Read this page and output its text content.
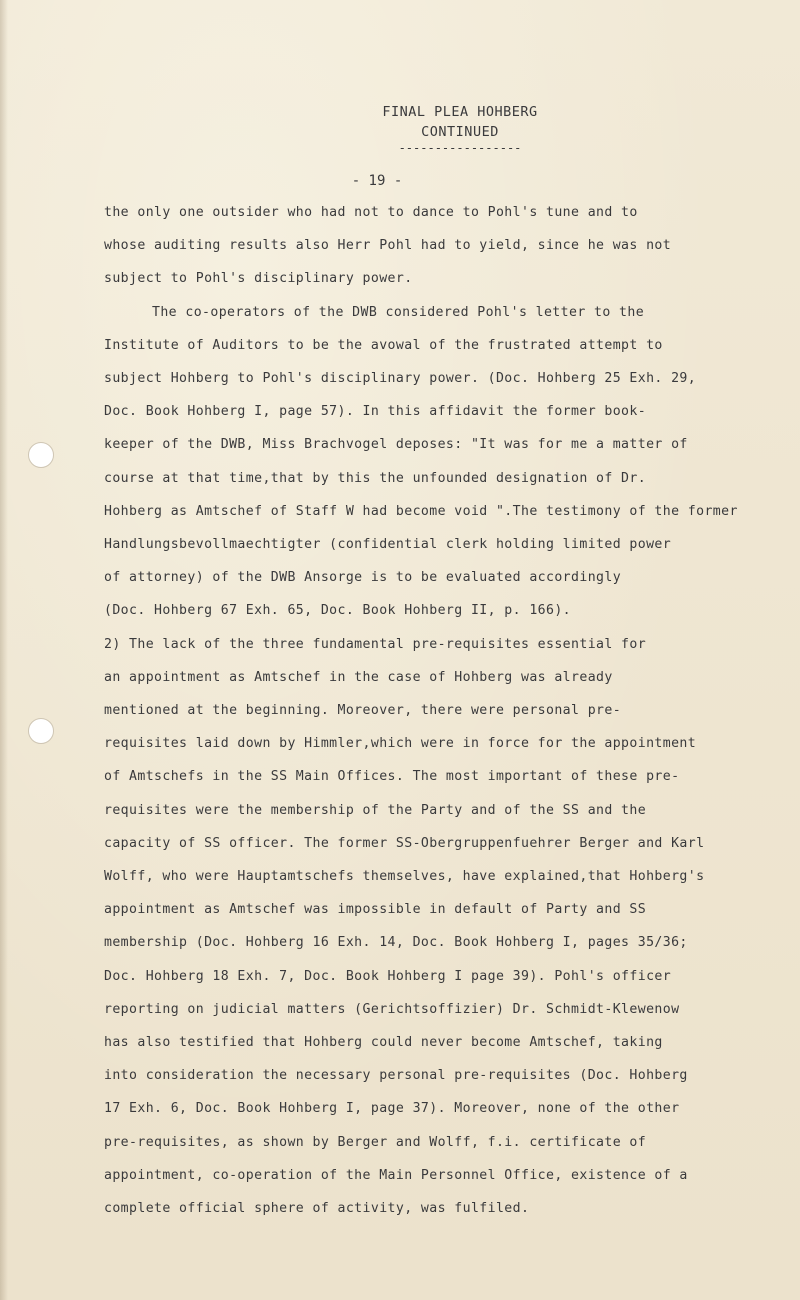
FINAL PLEA HOHBERG
CONTINUED
-----------------
- 19 -
the only one outsider who had not to dance to Pohl's tune and to
whose auditing results also Herr Pohl had to yield, since he was not
subject to Pohl's disciplinary power.
The co-operators of the DWB considered Pohl's letter to the
Institute of Auditors to be the avowal of the frustrated attempt to
subject Hohberg to Pohl's disciplinary power. (Doc. Hohberg 25 Exh. 29,
Doc. Book Hohberg I, page 57). In this affidavit the former book-
keeper of the DWB, Miss Brachvogel deposes: "It was for me a matter of
course at that time,that by this the unfounded designation of Dr.
Hohberg as Amtschef of Staff W had become void ".The testimony of the former
Handlungsbevollmaechtigter (confidential clerk holding limited power
of attorney) of the DWB Ansorge is to be evaluated accordingly
(Doc. Hohberg 67 Exh. 65, Doc. Book Hohberg II, p. 166).
2) The lack of the three fundamental pre-requisites essential for
an appointment as Amtschef in the case of Hohberg was already
mentioned at the beginning. Moreover, there were personal pre-
requisites laid down by Himmler,which were in force for the appointment
of Amtschefs in the SS Main Offices. The most important of these pre-
requisites were the membership of the Party and of the SS and the
capacity of SS officer. The former SS-Obergruppenfuehrer Berger and Karl
Wolff, who were Hauptamtschefs themselves, have explained,that Hohberg's
appointment as Amtschef was impossible in default of Party and SS
membership (Doc. Hohberg 16 Exh. 14, Doc. Book Hohberg I, pages 35/36;
Doc. Hohberg 18 Exh. 7, Doc. Book Hohberg I page 39). Pohl's officer
reporting on judicial matters (Gerichtsoffizier) Dr. Schmidt-Klewenow
has also testified that Hohberg could never become Amtschef, taking
into consideration the necessary personal pre-requisites (Doc. Hohberg
17 Exh. 6, Doc. Book Hohberg I, page 37). Moreover, none of the other
pre-requisites, as shown by Berger and Wolff, f.i. certificate of
appointment, co-operation of the Main Personnel Office, existence of a
complete official sphere of activity, was fulfiled.
